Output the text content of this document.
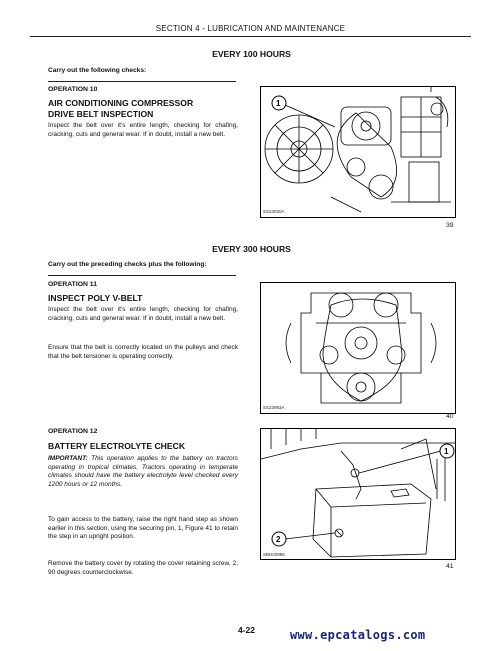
SECTION 4 - LUBRICATION AND MAINTENANCE
EVERY 100 HOURS
Carry out the following checks:
OPERATION 10
AIR CONDITIONING COMPRESSOR
DRIVE BELT INSPECTION
Inspect the belt over it's entire length, checking for chafing, cracking, cuts and general wear. If in doubt, install a new belt.
1
SS23020A
39
EVERY 300 HOURS
Carry out the preceding checks plus the following:
OPERATION 11
INSPECT POLY V-BELT
Inspect the belt over it's entire length, checking for chafing, cracking, cuts and general wear. If in doubt, install a new belt.
Ensure that the belt is correctly located on the pulleys and check that the belt tensioner is operating correctly.
SS22993A
40
OPERATION 12
BATTERY ELECTROLYTE CHECK
IMPORTANT: This operation applies to the battery on tractors operating in tropical climates. Tractors operating in temperate climates should have the battery electrolyte level checked every 1200 hours or 12 months.
To gain access to the battery, raise the right hand step as shown earlier in this section, using the securing pin, 1, Figure 41 to retain the step in an upright position.
Remove the battery cover by rotating the cover retaining screw, 2, 90 degrees counterclockwise.
1
2
SBH02985
41
4-22	www.epcatalogs.com
